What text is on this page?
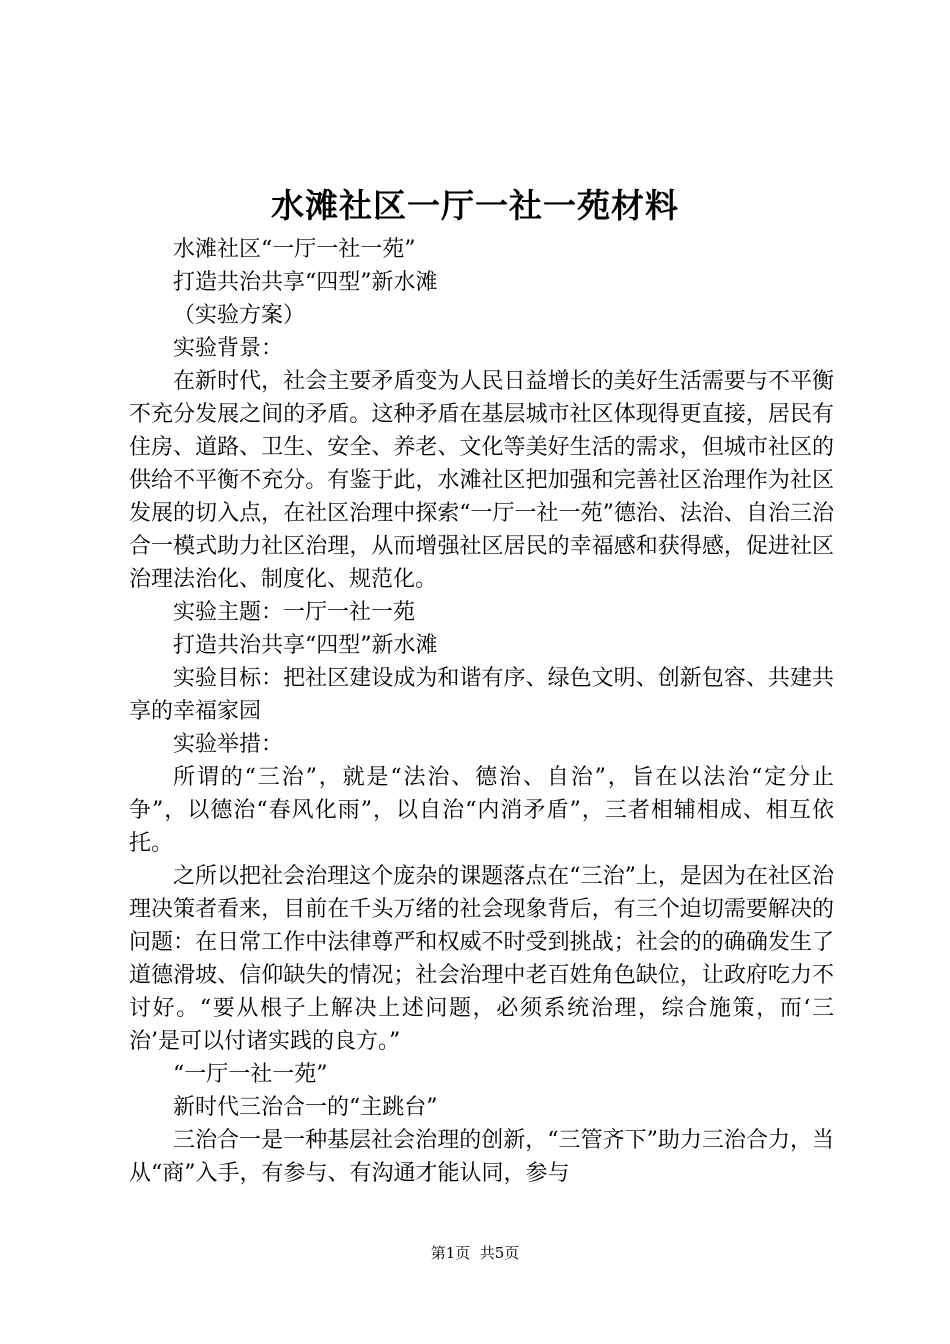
水滩社区一厅一社一苑材料

水滩社区“一厅一社一苑”

打造共治共享“四型”新水滩

（实验方案）

实验背景：

在新时代，社会主要矛盾变为人民日益增长的美好生活需要与不平衡不充分发展之间的矛盾。这种矛盾在基层城市社区体现得更直接，居民有住房、道路、卫生、安全、养老、文化等美好生活的需求，但城市社区的供给不平衡不充分。有鉴于此，水滩社区把加强和完善社区治理作为社区发展的切入点，在社区治理中探索“一厅一社一苑”德治、法治、自治三治合一模式助力社区治理，从而增强社区居民的幸福感和获得感，促进社区治理法治化、制度化、规范化。

实验主题：一厅一社一苑

打造共治共享“四型”新水滩

实验目标：把社区建设成为和谐有序、绿色文明、创新包容、共建共享的幸福家园

实验举措：

所谓的“三治”，就是“法治、德治、自治”，旨在以法治“定分止争”，以德治“春风化雨”，以自治“内消矛盾”，三者相辅相成、相互依托。

之所以把社会治理这个庞杂的课题落点在“三治”上，是因为在社区治理决策者看来，目前在千头万绪的社会现象背后，有三个迫切需要解决的问题：在日常工作中法律尊严和权威不时受到挑战；社会的的确确发生了道德滑坡、信仰缺失的情况；社会治理中老百姓角色缺位，让政府吃力不讨好。“要从根子上解决上述问题，必须系统治理，综合施策，而‘三治’是可以付诸实践的良方。”

“一厅一社一苑”

新时代三治合一的“主跳台”

三治合一是一种基层社会治理的创新，“三管齐下”助力三治合力，当从“商”入手，有参与、有沟通才能认同，参与

第1页  共5页
